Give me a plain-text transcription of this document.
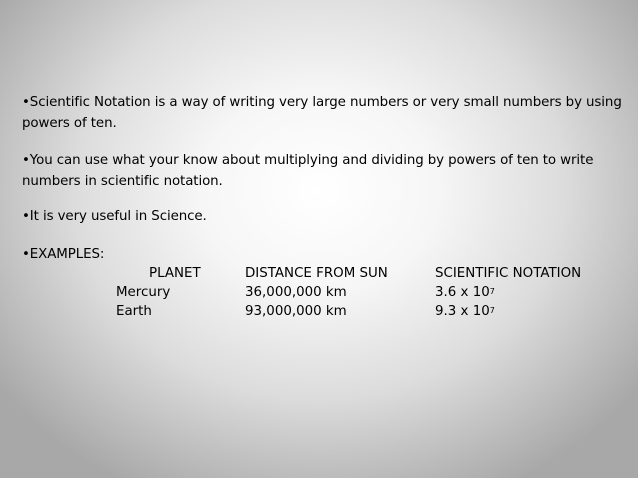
•Scientific Notation is a way of writing very large numbers or very small numbers by using powers of ten.
•You can use what your know about multiplying and dividing by powers of ten to write numbers in scientific notation.
•It is very useful in Science.
•EXAMPLES:
PLANET	DISTANCE FROM SUN	SCIENTIFIC NOTATION
Mercury	36,000,000 km	3.6 x $10^7$
Earth	93,000,000 km	9.3 x $10^7$
